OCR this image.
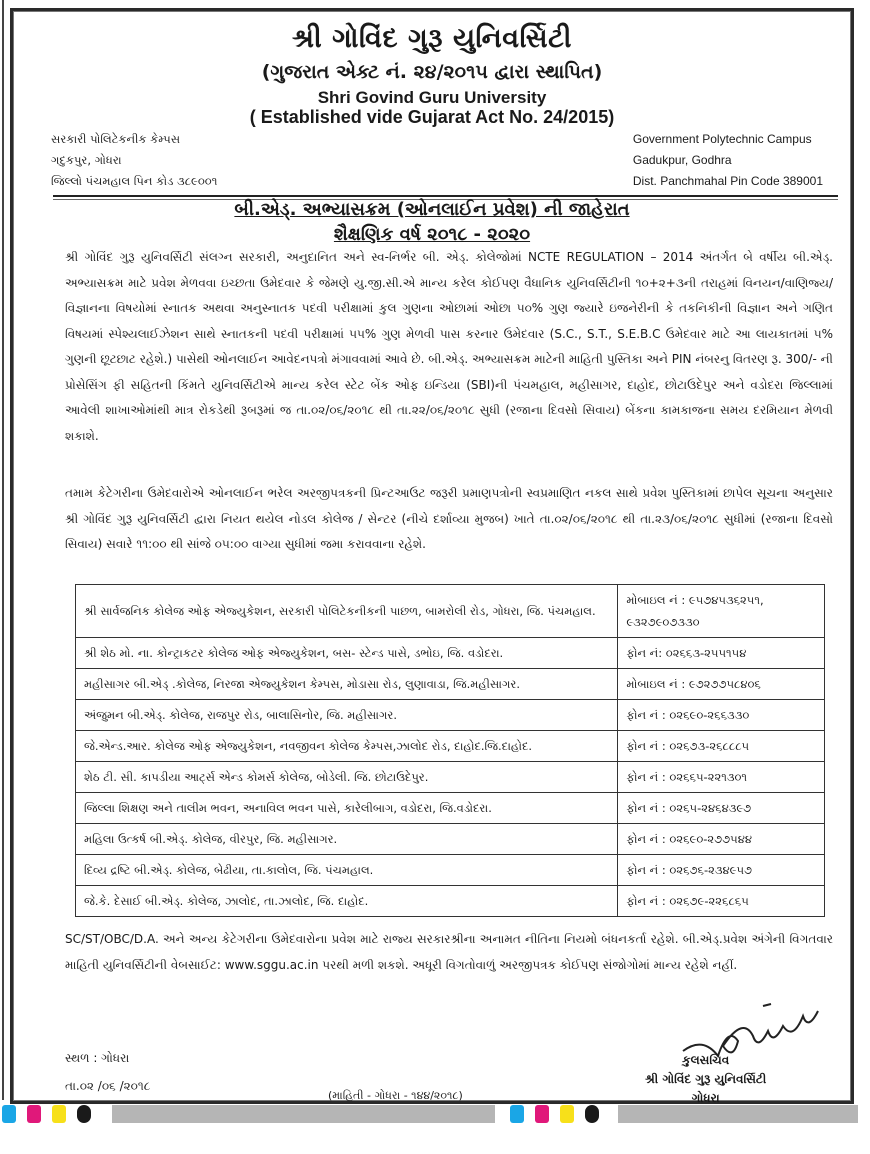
શ્રી ગોવિંદ ગુરૂ યુનિવર્સિટી
(ગુજરાત એક્ટ નં. ૨૪/૨૦૧૫ દ્વારા સ્થાપિત)
Shri Govind Guru University
( Established vide Gujarat Act No. 24/2015)
સરકારી પોલિટેકનીક કેમ્પસ
ગદુકપુર, ગોધરા
જિલ્લો પંચમહાલ પિન કોડ ૩૮૯૦૦૧
Government Polytechnic Campus
Gadukpur, Godhra
Dist. Panchmahal Pin Code 389001
બી.એડ્. અભ્યાસક્રમ (ઓનલાઈન પ્રવેશ) ની જાહેરાત
શૈક્ષણિક વર્ષ ૨૦૧૮ - ૨૦૨૦
શ્રી ગોવિંદ ગુરૂ યુનિવર્સિટી સંલગ્ન સરકારી, અનુદાનિત અને સ્વ-નિર્ભર બી. એડ્. કોલેજોમાં NCTE REGULATION – 2014 અંતર્ગત બે વર્ષીય બી.એડ્. અભ્યાસક્રમ માટે પ્રવેશ મેળવવા ઇચ્છતા ઉમેદવાર કે જેમણે યુ.જી.સી.એ માન્ય કરેલ કોઈપણ વૈધાનિક યુનિવર્સિટીની ૧૦+૨+૩ની તરાહમાં વિનયન/વાણિજ્ય/વિજ્ઞાનના વિષયોમાં સ્નાતક અથવા અનુસ્નાતક પદવી પરીક્ષામાં કુલ ગુણના ઓછામાં ઓછા ૫૦% ગુણ જ્યારે ઇજનેરીની કે તકનિકીની વિજ્ઞાન અને ગણિત વિષયમાં સ્પેશ્યલાઈઝેશન સાથે સ્નાતકની પદવી પરીક્ષામાં ૫૫% ગુણ મેળવી પાસ કરનાર ઉમેદવાર (S.C., S.T., S.E.B.C ઉમેદવાર માટે આ લાયકાતમાં ૫% ગુણની છૂટછાટ રહેશે.) પાસેથી ઓનલાઈન આવેદનપત્રો મંગાવવામાં આવે છે. બી.એડ્. અભ્યાસક્રમ માટેની માહિતી પુસ્તિકા અને PIN નંબરનુ વિતરણ રૂ. 300/- ની પ્રોસેસિંગ ફી સહિતની કિંમતે યુનિવર્સિટીએ માન્ય કરેલ સ્ટેટ બેંક ઓફ ઇન્ડિયા (SBI)ની પંચમહાલ, મહીસાગર, દાહોદ, છોટાઉદેપુર અને વડોદરા જિલ્લામાં આવેલી શાખાઓમાંથી માત્ર રોકડેથી રૂબરૂમાં જ તા.૦૨/૦૬/૨૦૧૮ થી તા.૨૨/૦૬/૨૦૧૮ સુધી (રજાના દિવસો સિવાય) બેંકના કામકાજના સમય દરમિયાન મેળવી શકાશે.
તમામ કેટેગરીના ઉમેદવારોએ ઓનલાઈન ભરેલ અરજીપત્રકની પ્રિન્ટઆઉટ જરૂરી પ્રમાણપત્રોની સ્વપ્રમાણિત નકલ સાથે પ્રવેશ પુસ્તિકામાં છાપેલ સૂચના અનુસાર શ્રી ગોવિંદ ગુરૂ યુનિવર્સિટી દ્વારા નિયત થયેલ નોડલ કોલેજ / સેન્ટર (નીચે દર્શાવ્યા મુજબ) ખાતે તા.૦૨/૦૬/૨૦૧૮ થી તા.૨૩/૦૬/૨૦૧૮ સુધીમાં (રજાના દિવસો સિવાય) સવારે ૧૧:૦૦ થી સાંજે ૦૫:૦૦ વાગ્યા સુધીમાં જમા કરાવવાના રહેશે.
શ્રી સાર્વજનિક કોલેજ ઓફ એજ્યુકેશન, સરકારી પોલિટેકનીકની પાછળ, બામરોલી રોડ, ગોધરા, જિ. પંચમહાલ.	મોબાઇલ નં : ૯૫૭૪૫૩૬૨૫૧, ૯૩૨૭૯૦૭૩૩૦
શ્રી શેઠ મો. ના. કોન્ટ્રાકટર કોલેજ ઓફ એજ્યુકેશન, બસ- સ્ટેન્ડ પાસે, ડભોઇ, જિ. વડોદરા.	ફોન નં: ૦૨૬૬૩-૨૫૫૧૫૪
મહીસાગર બી.એડ્ .કોલેજ, નિરજા એજ્યુકેશન કેમ્પસ, મોડાસા રોડ, લુણાવાડા, જિ.મહીસાગર.	મોબાઇલ નં : ૯૭૨૭૭૫૮૪૦૬
અંજુમન બી.એડ્. કોલેજ, રાજપુર રોડ, બાલાસિનોર, જિ. મહીસાગર.	ફોન નં : ૦૨૬૯૦-૨૬૬૩૩૦
જે.એન્ડ.આર. કોલેજ ઓફ એજ્યુકેશન, નવજીવન કોલેજ કેમ્પસ,ઝાલોદ રોડ, દાહોદ.જિ.દાહોદ.	ફોન નં : ૦૨૬૭૩-૨૬૮૮૮૫
શેઠ ટી. સી. કાપડીયા આર્ટ્સ એન્ડ કોમર્સ કોલેજ, બોડેલી. જિ. છોટાઉદેપુર.	ફોન નં : ૦૨૬૬૫-૨૨૧૩૦૧
જિલ્લા શિક્ષણ અને તાલીમ ભવન, અનાવિલ ભવન પાસે, કારેલીબાગ, વડોદરા, જિ.વડોદરા.	ફોન નં : ૦૨૬૫-૨૪૬૪૩૯૭
મહિલા ઉત્કર્ષ બી.એડ્. કોલેજ, વીરપુર, જિ. મહીસાગર.	ફોન નં : ૦૨૬૯૦-૨૭૭૫૪૪
દિવ્ય દ્રષ્ટિ બી.એડ્. કોલેજ, બેઢીયા, તા.કાલોલ, જિ. પંચમહાલ.	ફોન નં : ૦૨૬૭૬-૨૩૪૯૫૭
જે.કે. દેસાઈ બી.એડ્. કોલેજ, ઝાલોદ, તા.ઝાલોદ, જિ. દાહોદ.	ફોન નં : ૦૨૬૭૯-૨૨૬૮૬૫
SC/ST/OBC/D.A. અને અન્ય કેટેગરીના ઉમેદવારોના પ્રવેશ માટે રાજ્ય સરકારશ્રીના અનામત નીતિના નિયમો બંધનકર્તા રહેશે. બી.એડ્.પ્રવેશ અંગેની વિગતવાર માહિતી યુનિવર્સિટીની વેબસાઈટ: www.sggu.ac.in પરથી મળી શકશે. અધૂરી વિગતોવાળું અરજીપત્રક કોઈપણ સંજોગોમાં માન્ય રહેશે નહીં.
સ્થળ : ગોધરા
તા.૦૨ /૦૬ /૨૦૧૮
(માહિતી - ગોધરા - ૧૪૪/૨૦૧૮)
કુલસચિવ
શ્રી ગોવિંદ ગુરૂ યુનિવર્સિટી
ગોધરા
